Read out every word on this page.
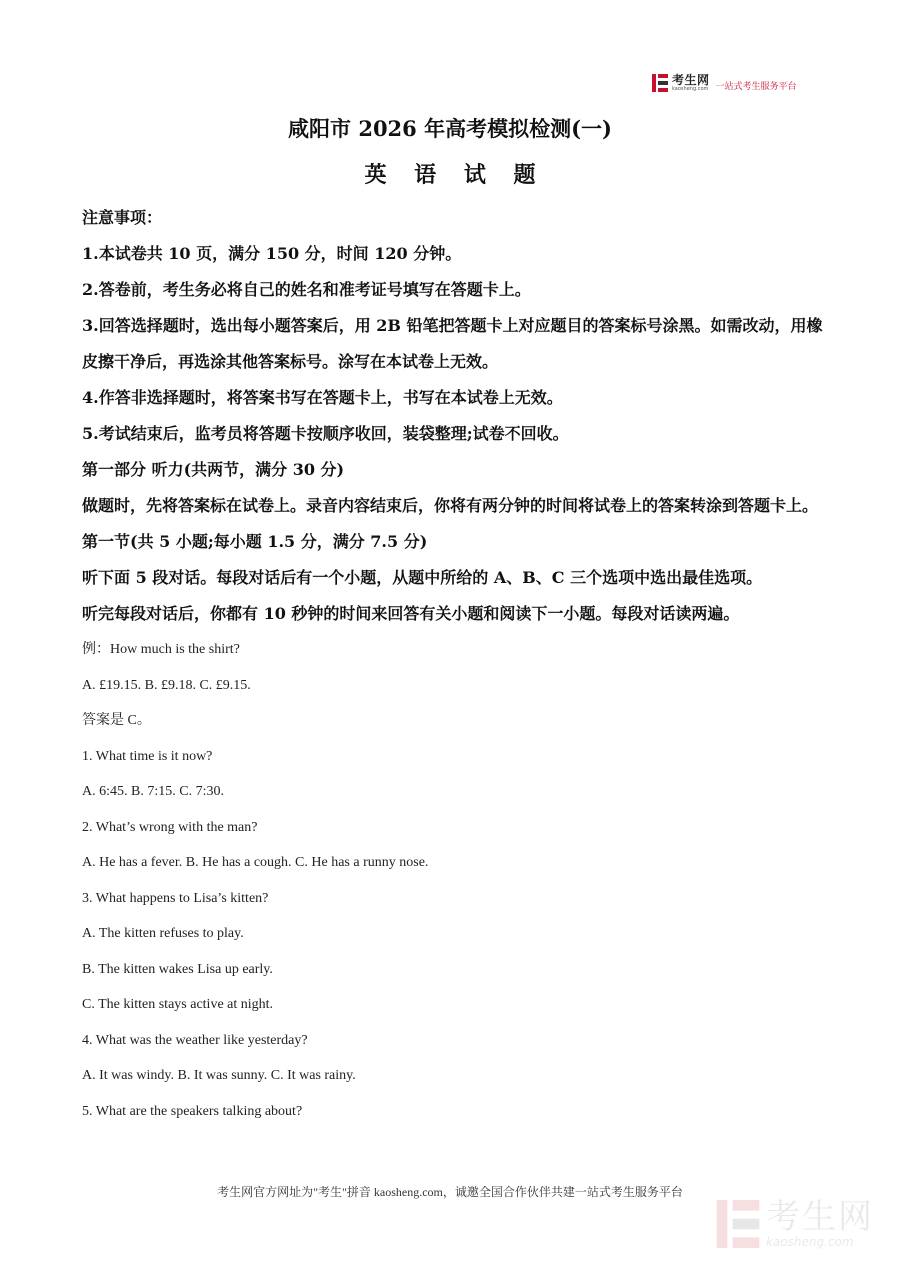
考生网
kaosheng.com 一站式考生服务平台
咸阳市 2026 年高考模拟检测(一)
英 语 试 题

注意事项：

1.本试卷共 10 页，满分 150 分，时间 120 分钟。

2.答卷前，考生务必将自己的姓名和准考证号填写在答题卡上。

3.回答选择题时，选出每小题答案后，用 2B 铅笔把答题卡上对应题目的答案标号涂黑。如需改动，用橡皮擦干净后，再选涂其他答案标号。涂写在本试卷上无效。

4.作答非选择题时，将答案书写在答题卡上，书写在本试卷上无效。

5.考试结束后，监考员将答题卡按顺序收回，装袋整理;试卷不回收。

第一部分 听力(共两节，满分 30 分)

做题时，先将答案标在试卷上。录音内容结束后，你将有两分钟的时间将试卷上的答案转涂到答题卡上。

第一节(共 5 小题;每小题 1.5 分，满分 7.5 分)

听下面 5 段对话。每段对话后有一个小题，从题中所给的 A、B、C 三个选项中选出最佳选项。

听完每段对话后，你都有 10 秒钟的时间来回答有关小题和阅读下一小题。每段对话读两遍。

例：How much is the shirt?

A. £19.15. B. £9.18. C. £9.15.

答案是 C。

1. What time is it now?

A. 6:45. B. 7:15. C. 7:30.

2. What’s wrong with the man?

A. He has a fever. B. He has a cough. C. He has a runny nose.

3. What happens to Lisa’s kitten?

A. The kitten refuses to play.

B. The kitten wakes Lisa up early.

C. The kitten stays active at night.

4. What was the weather like yesterday?

A. It was windy. B. It was sunny. C. It was rainy.

5. What are the speakers talking about?

考生网官方网址为"考生"拼音 kaosheng.com，诚邀全国合作伙伴共建一站式考生服务平台
考生网
kaosheng.com
